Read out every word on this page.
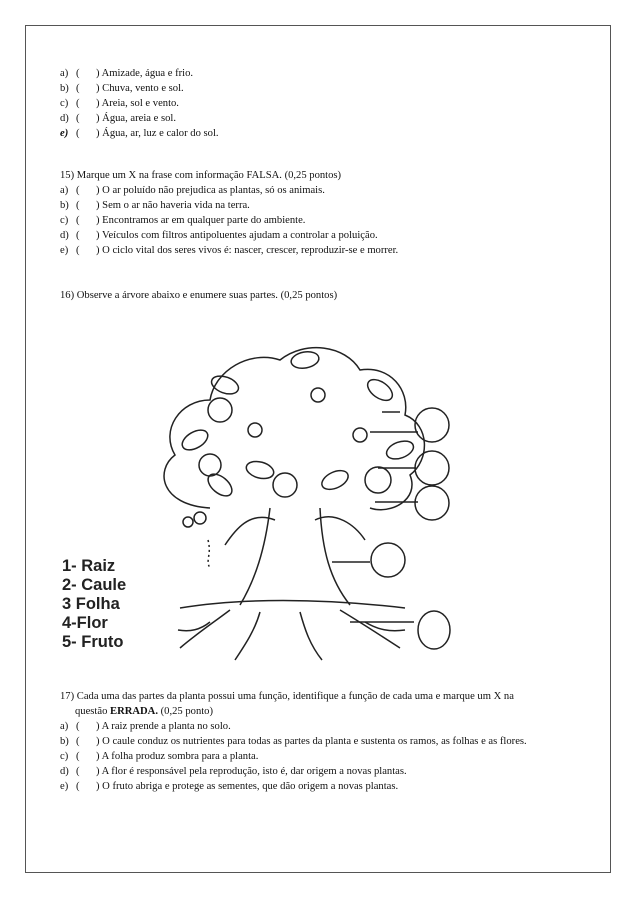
a) ( ) Amizade, água e frio.
b) ( ) Chuva, vento e sol.
c) ( ) Areia, sol e vento.
d) ( ) Água, areia e sol.
e) ( ) Água, ar, luz e calor do sol.
15) Marque um X na frase com informação FALSA. (0,25 pontos)
a) ( ) O ar poluído não prejudica as plantas, só os animais.
b) ( ) Sem o ar não haveria vida na terra.
c) ( ) Encontramos ar em qualquer parte do ambiente.
d) ( ) Veículos com filtros antipoluentes ajudam a controlar a poluição.
e) ( ) O ciclo vital dos seres vivos é: nascer, crescer, reproduzir-se e morrer.
16) Observe a árvore abaixo e enumere suas partes. (0,25 pontos)
1- Raiz
2- Caule
3 Folha
4-Flor
5- Fruto
17) Cada uma das partes da planta possui uma função, identifique a função de cada uma e marque um X na
questão ERRADA. (0,25 ponto)
a) ( ) A raiz prende a planta no solo.
b) ( ) O caule conduz os nutrientes para todas as partes da planta e sustenta os ramos, as folhas e as flores.
c) ( ) A folha produz sombra para a planta.
d) ( ) A flor é responsável pela reprodução, isto é, dar origem a novas plantas.
e) ( ) O fruto abriga e protege as sementes, que dão origem a novas plantas.
